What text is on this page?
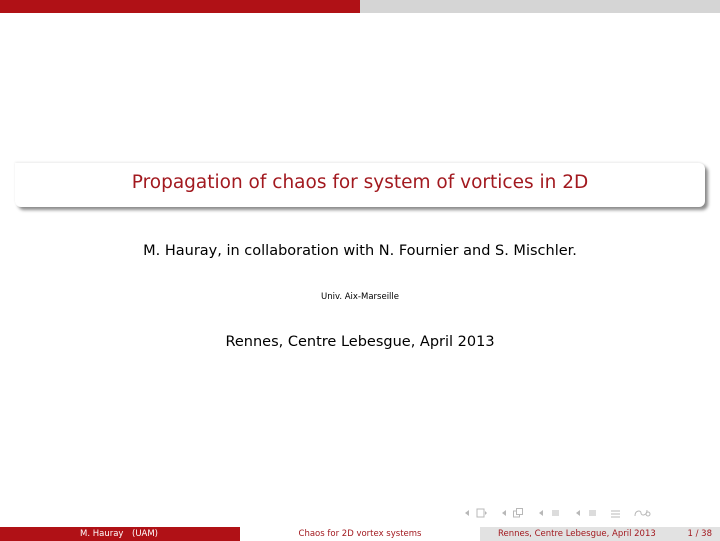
Propagation of chaos for system of vortices in 2D
M. Hauray, in collaboration with N. Fournier and S. Mischler.
Univ. Aix-Marseille
Rennes, Centre Lebesgue, April 2013
M. Hauray (UAM)	Chaos for 2D vortex systems	Rennes, Centre Lebesgue, April 2013	1 / 38
